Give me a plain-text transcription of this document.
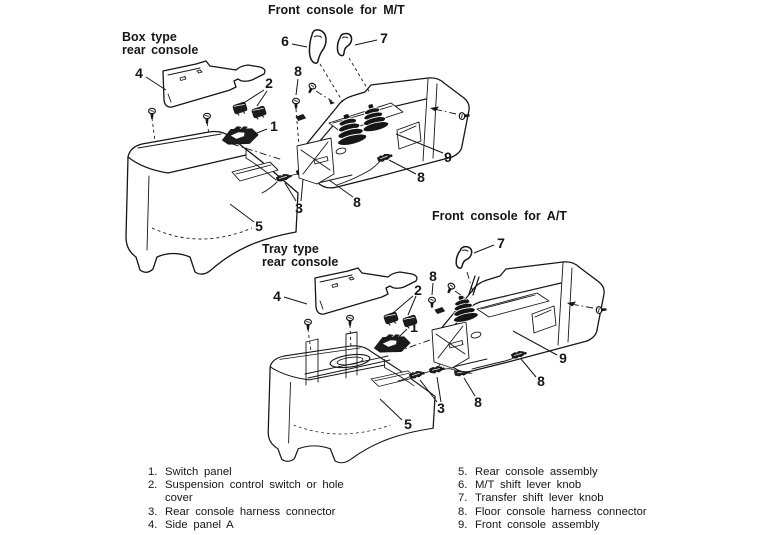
Front console for M/T
Front console for A/T
Box type
rear console
Tray type
rear console
4
2
8
6	7
1
9
8
3	8
5
4	2
8
7
1
9
8
8
3
5
1. Switch panel
2. Suspension control switch or hole
cover
3. Rear console harness connector
4. Side panel A
5. Rear console assembly
6. M/T shift lever knob
7. Transfer shift lever knob
8. Floor console harness connector
9. Front console assembly
